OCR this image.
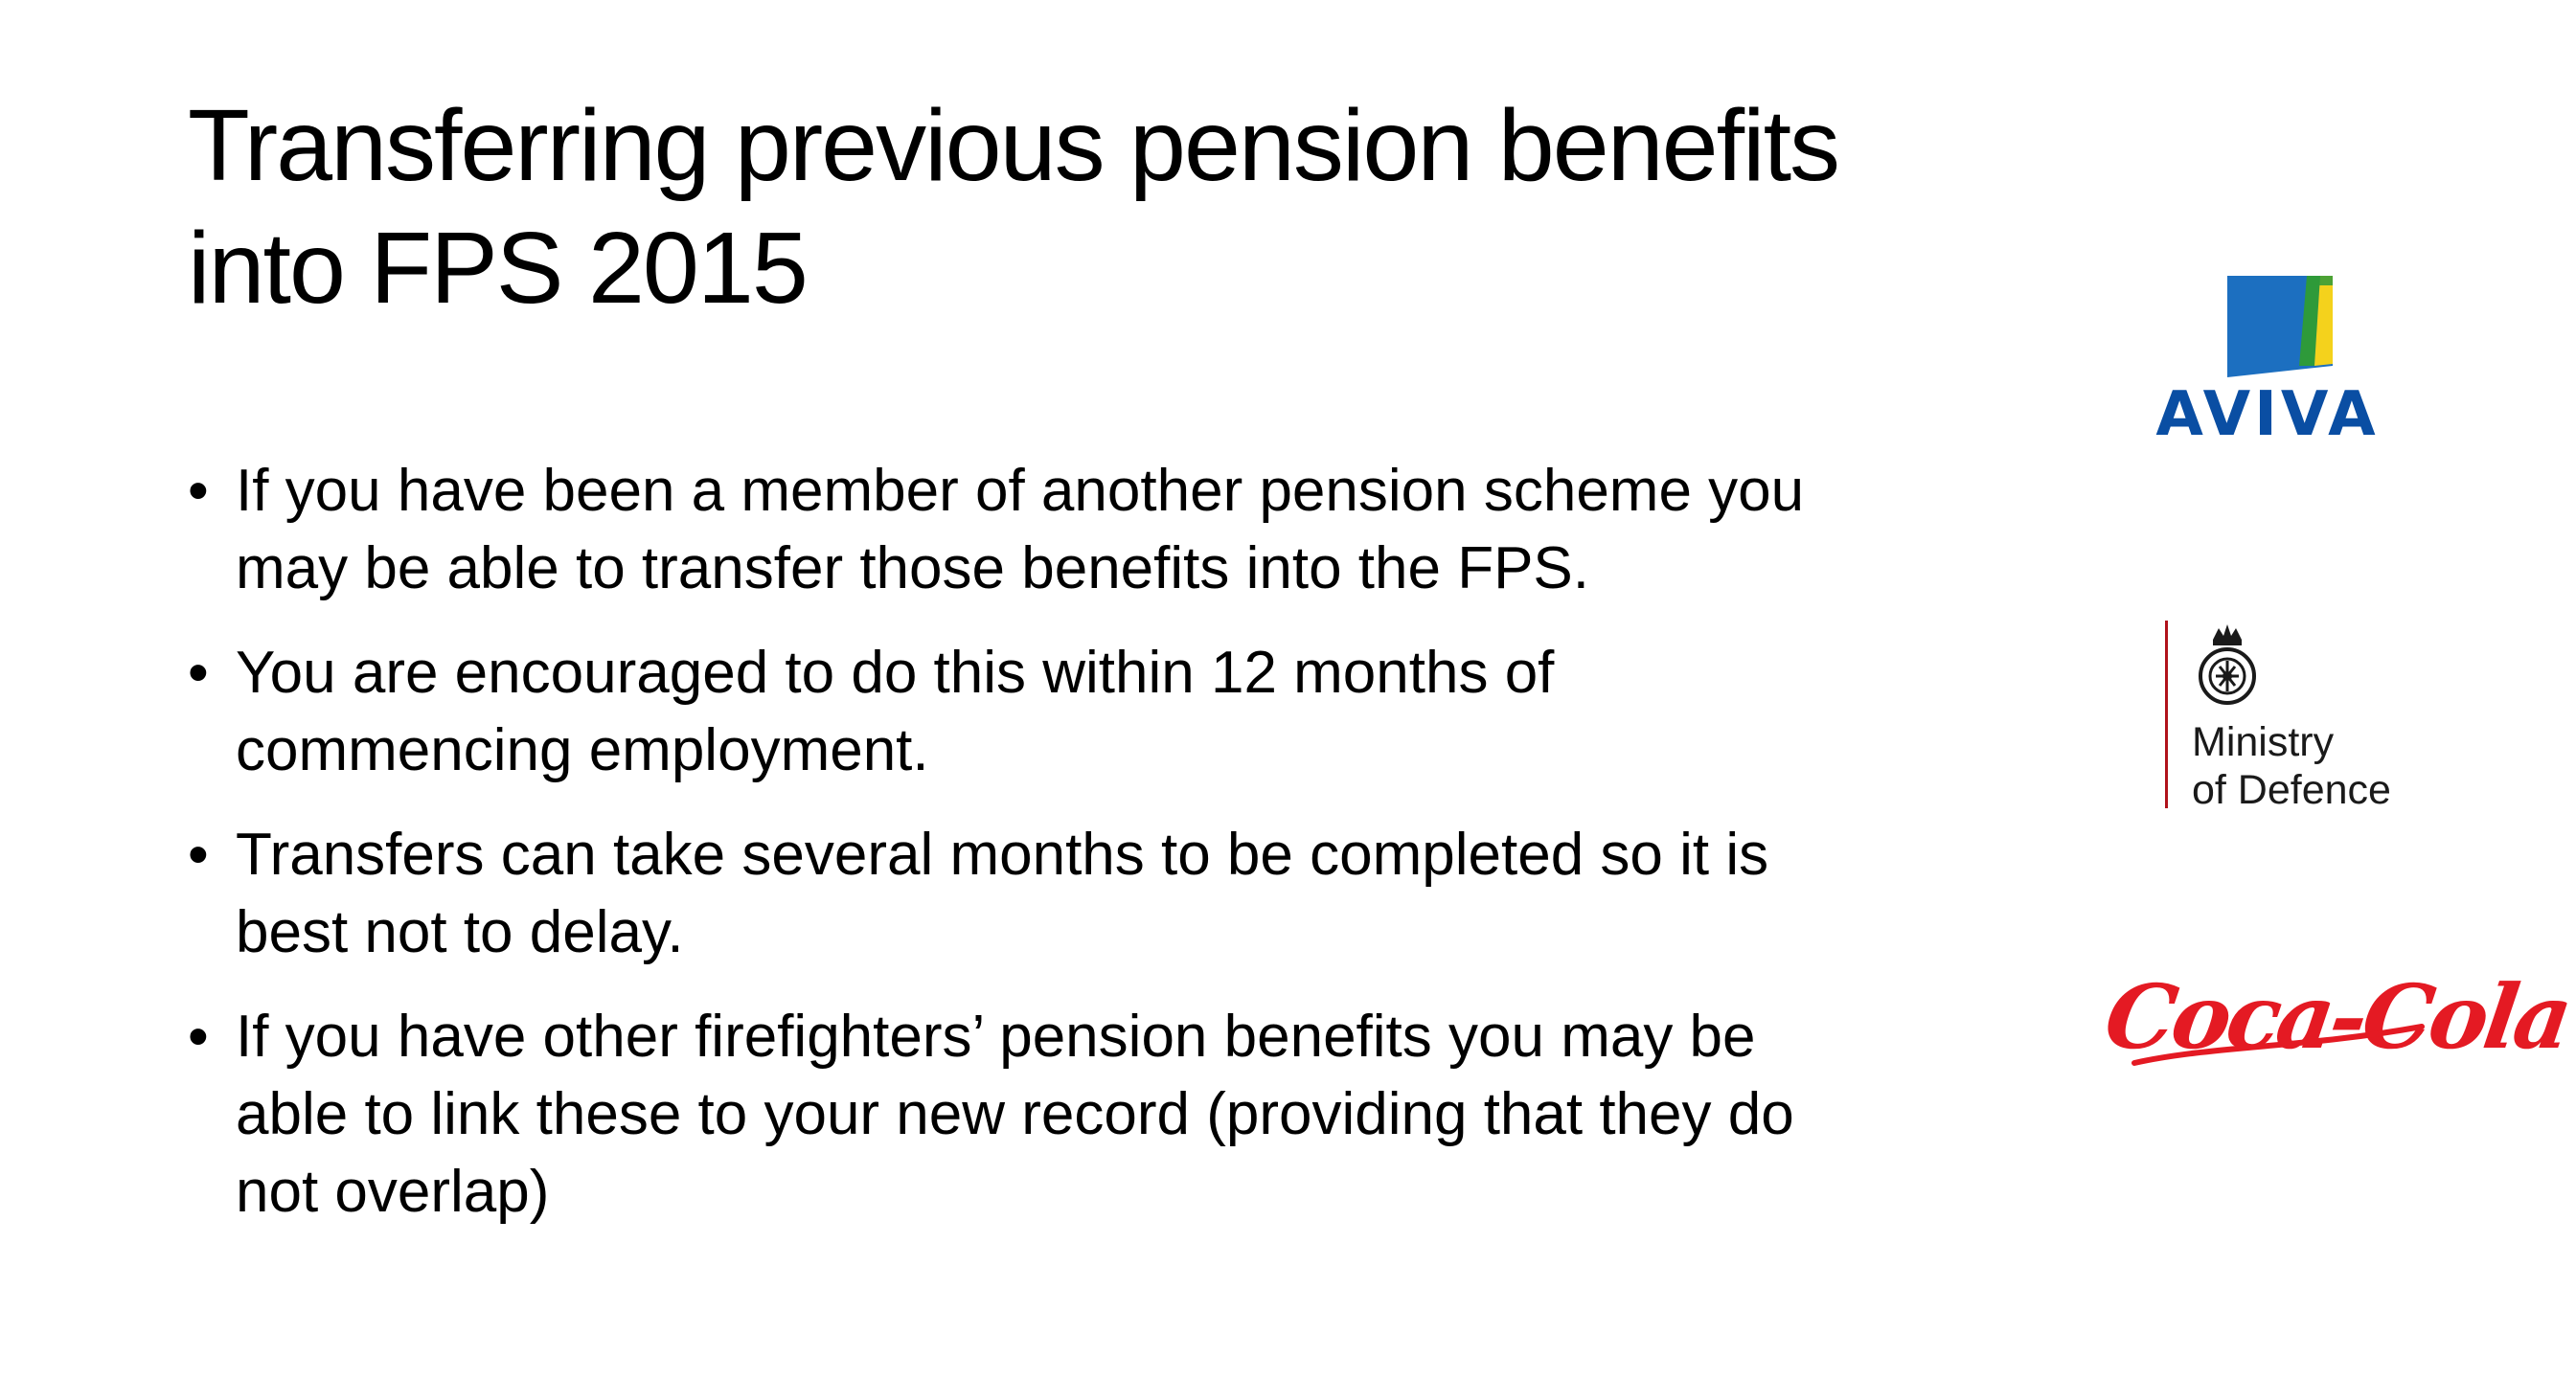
Transferring previous pension benefits
into FPS 2015
• If you have been a member of another pension scheme you may be able to transfer those benefits into the FPS.
• You are encouraged to do this within 12 months of commencing employment.
• Transfers can take several months to be completed so it is best not to delay.
• If you have other firefighters’ pension benefits you may be able to link these to your new record (providing that they do not overlap)
AVIVA
Ministry
of Defence
Coca-Cola
